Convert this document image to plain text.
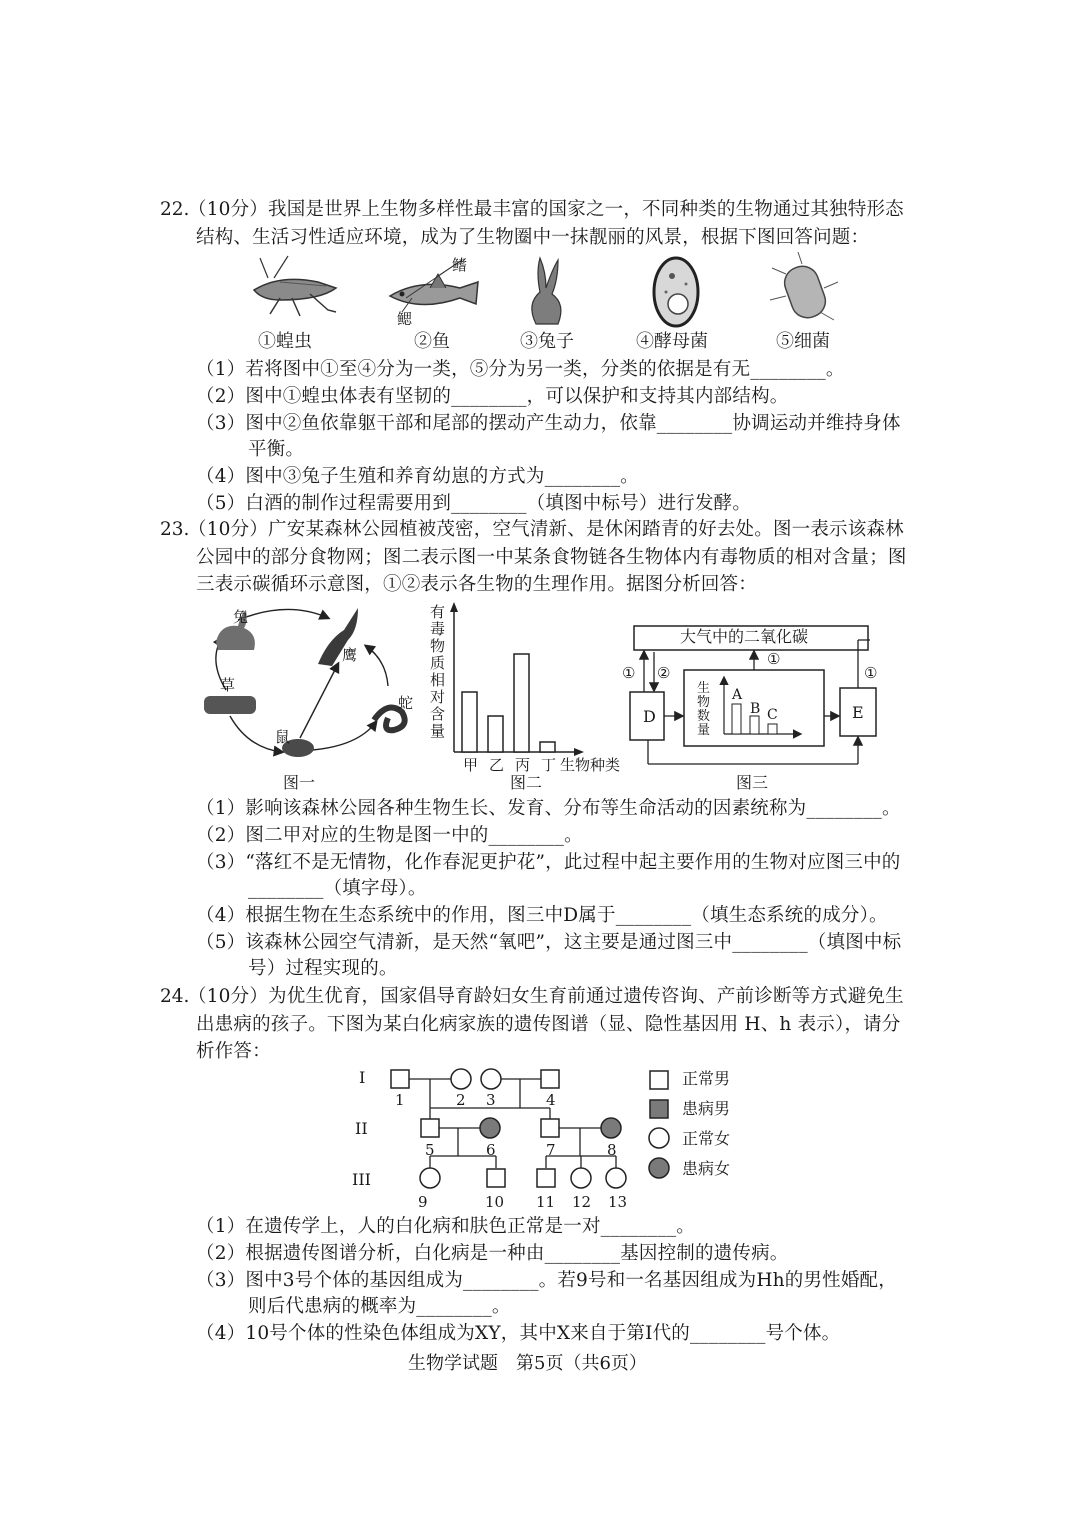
22.
（10分）我国是世界上生物多样性最丰富的国家之一，不同种类的生物通过其独特形态
结构、生活习性适应环境，成为了生物圈中一抹靓丽的风景，根据下图回答问题：
鳍
鳃
①蝗虫	②鱼	③兔子	④酵母菌	⑤细菌
（1）若将图中①至④分为一类，⑤分为另一类，分类的依据是有无________。
（2）图中①蝗虫体表有坚韧的________，可以保护和支持其内部结构。
（3）图中②鱼依靠躯干部和尾部的摆动产生动力，依靠________协调运动并维持身体
平衡。
（4）图中③兔子生殖和养育幼崽的方式为________。
（5）白酒的制作过程需要用到________（填图中标号）进行发酵。
23.
（10分）广安某森林公园植被茂密，空气清新、是休闲踏青的好去处。图一表示该森林
公园中的部分食物网；图二表示图一中某条食物链各生物体内有毒物质的相对含量；图
三表示碳循环示意图，①②表示各生物的生理作用。据图分析回答：
兔
鹰
草
蛇
鼠
图一
有毒物质相对含量
甲 乙 丙 丁 生物种类
图二
大气中的二氧化碳
① ②
①
①
D	E
生物数量
A
B C
图三
（1）影响该森林公园各种生物生长、发育、分布等生命活动的因素统称为________。
（2）图二甲对应的生物是图一中的________。
（3）“落红不是无情物，化作春泥更护花”，此过程中起主要作用的生物对应图三中的
________（填字母）。
（4）根据生物在生态系统中的作用，图三中D属于________（填生态系统的成分）。
（5）该森林公园空气清新，是天然“氧吧”，这主要是通过图三中________（填图中标
号）过程实现的。
24.
（10分）为优生优育，国家倡导育龄妇女生育前通过遗传咨询、产前诊断等方式避免生
出患病的孩子。下图为某白化病家族的遗传图谱（显、隐性基因用 H、h 表示），请分
析作答：
I
II
III
1	2 3	4
5	6	7	8
9	10 11 12 13
正常男
患病男
正常女
患病女
（1）在遗传学上，人的白化病和肤色正常是一对________。
（2）根据遗传图谱分析，白化病是一种由________基因控制的遗传病。
（3）图中3号个体的基因组成为________。若9号和一名基因组成为Hh的男性婚配，
则后代患病的概率为________。
（4）10号个体的性染色体组成为XY，其中X来自于第I代的________号个体。
生物学试题　第5页（共6页）
